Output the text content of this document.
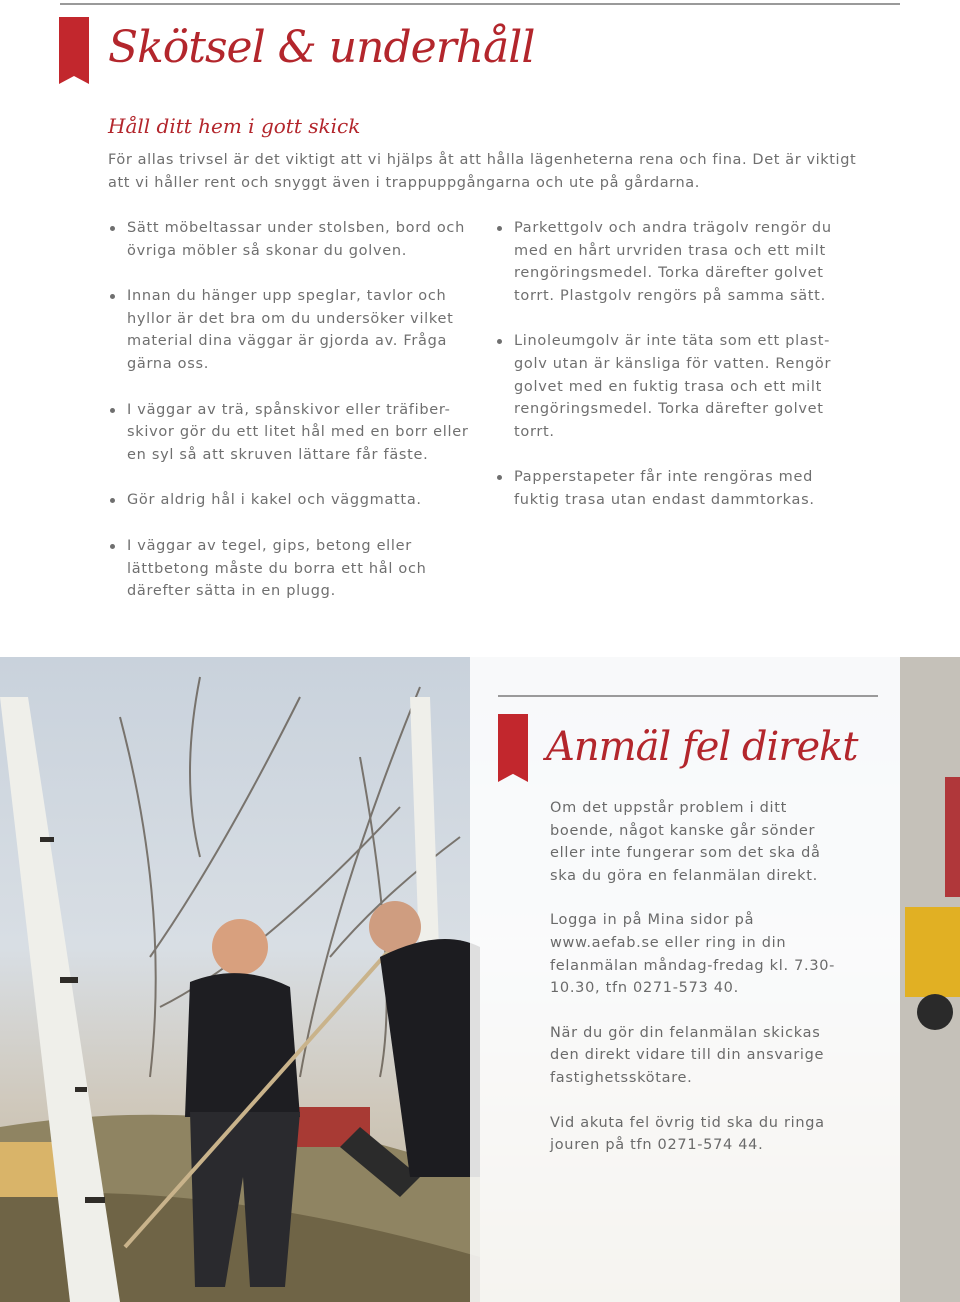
Skötsel & underhåll
Håll ditt hem i gott skick

För allas trivsel är det viktigt att vi hjälps åt att hålla lägenheterna rena och fina. Det är viktigt att vi håller rent och snyggt även i trappuppgångarna och ute på gårdarna.

Sätt möbeltassar under stolsben, bord och övriga möbler så skonar du golven.
Innan du hänger upp speglar, tavlor och hyllor är det bra om du undersöker vilket material dina väggar är gjorda av. Fråga gärna oss.
I väggar av trä, spånskivor eller träfiber-skivor gör du ett litet hål med en borr eller en syl så att skruven lättare får fäste.
Gör aldrig hål i kakel och väggmatta.
I väggar av tegel, gips, betong eller lättbetong måste du borra ett hål och därefter sätta in en plugg.
Parkettgolv och andra trägolv rengör du med en hårt urvriden trasa och ett milt rengöringsmedel. Torka därefter golvet torrt. Plastgolv rengörs på samma sätt.
Linoleumgolv är inte täta som ett plast-golv utan är känsliga för vatten. Rengör golvet med en fuktig trasa och ett milt rengöringsmedel. Torka därefter golvet torrt.
Papperstapeter får inte rengöras med fuktig trasa utan endast dammtorkas.
Anmäl fel direkt

Om det uppstår problem i ditt boende, något kanske går sönder eller inte fungerar som det ska då ska du göra en felanmälan direkt.

Logga in på Mina sidor på www.aefab.se eller ring in din felanmälan måndag-fredag kl. 7.30-10.30, tfn 0271-573 40.

När du gör din felanmälan skickas den direkt vidare till din ansvarige fastighetsskötare.

Vid akuta fel övrig tid ska du ringa jouren på tfn 0271-574 44.
